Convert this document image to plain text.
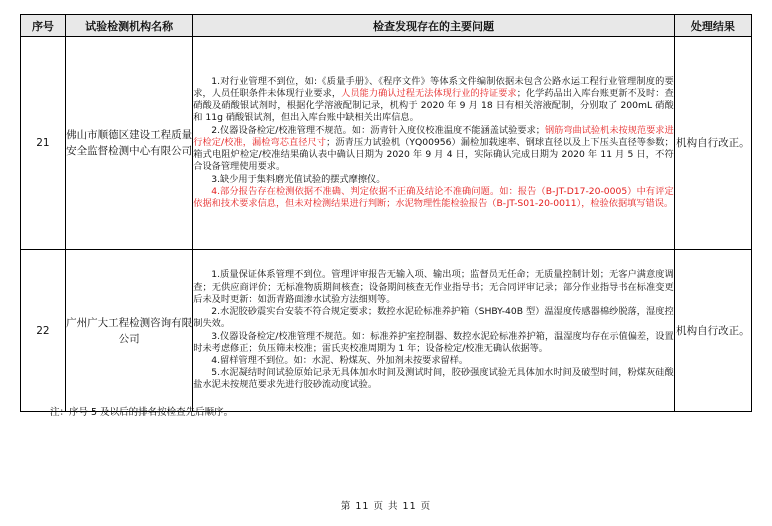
序号	试验检测机构名称	检查发现存在的主要问题	处理结果
21	佛山市顺德区建设工程质量安全监督检测中心有限公司	1.对行业管理不到位，如:《质量手册》、《程序文件》等体系文件编制依据未包含公路水运工程行业管理制度的要求，人员任职条件未体现行业要求，人员能力确认过程无法体现行业的持证要求；化学药品出入库台账更新不及时：查硝酸及硝酸银试剂时，根据化学溶液配制记录，机构于 2020 年 9 月 18 日有相关溶液配制，分别取了 200mL 硝酸和 11g 硝酸银试剂，但出入库台账中缺相关出库信息。

2.仪器设备检定/校准管理不规范。如：沥青针入度仪校准温度不能涵盖试验要求；钢筋弯曲试验机未按规范要求进行检定/校准，漏检弯芯直径尺寸；沥青压力试验机（YQ00956）漏检加载速率、钢球直径以及上下压头直径等参数；箱式电阻炉检定/校准结果确认表中确认日期为 2020 年 9 月 4 日，实际确认完成日期为 2020 年 11 月 5 日，不符合设备管理使用要求。

3.缺少用于集料磨光值试验的摆式摩擦仪。

4.部分报告存在检测依据不准确、判定依据不正确及结论不准确问题。如：报告（B-JT-D17-20-0005）中有评定依据和技术要求信息，但未对检测结果进行判断；水泥物理性能检验报告（B-JT-S01-20-0011），检验依据填写错误。	机构自行改正。
22	广州广大工程检测咨询有限公司	1.质量保证体系管理不到位。管理评审报告无输入项、输出项；监督员无任命；无质量控制计划；无客户满意度调查；无供应商评价；无标准物质期间核查；设备期间核查无作业指导书；无合同评审记录；部分作业指导书在标准变更后未及时更新：如沥青路面渗水试验方法细则等。

2.水泥胶砂震实台安装不符合规定要求；数控水泥砼标准养护箱（SHBY-40B 型）温湿度传感器棉纱脱落，湿度控制失效。

3.仪器设备检定/校准管理不规范。如：标准养护室控制器、数控水泥砼标准养护箱，温湿度均存在示值偏差，设置时未考虑修正；负压筛未校准；雷氏夹校准周期为 1 年；设备检定/校准无确认依据等。

4.留样管理不到位。如：水泥、粉煤灰、外加剂未按要求留样。

5.水泥凝结时间试验原始记录无具体加水时间及测试时间，胶砂强度试验无具体加水时间及破型时间，粉煤灰硅酸盐水泥未按规范要求先进行胶砂流动度试验。	机构自行改正。

注：序号 5 及以后的排名按检查先后顺序。

第 11 页 共 11 页
